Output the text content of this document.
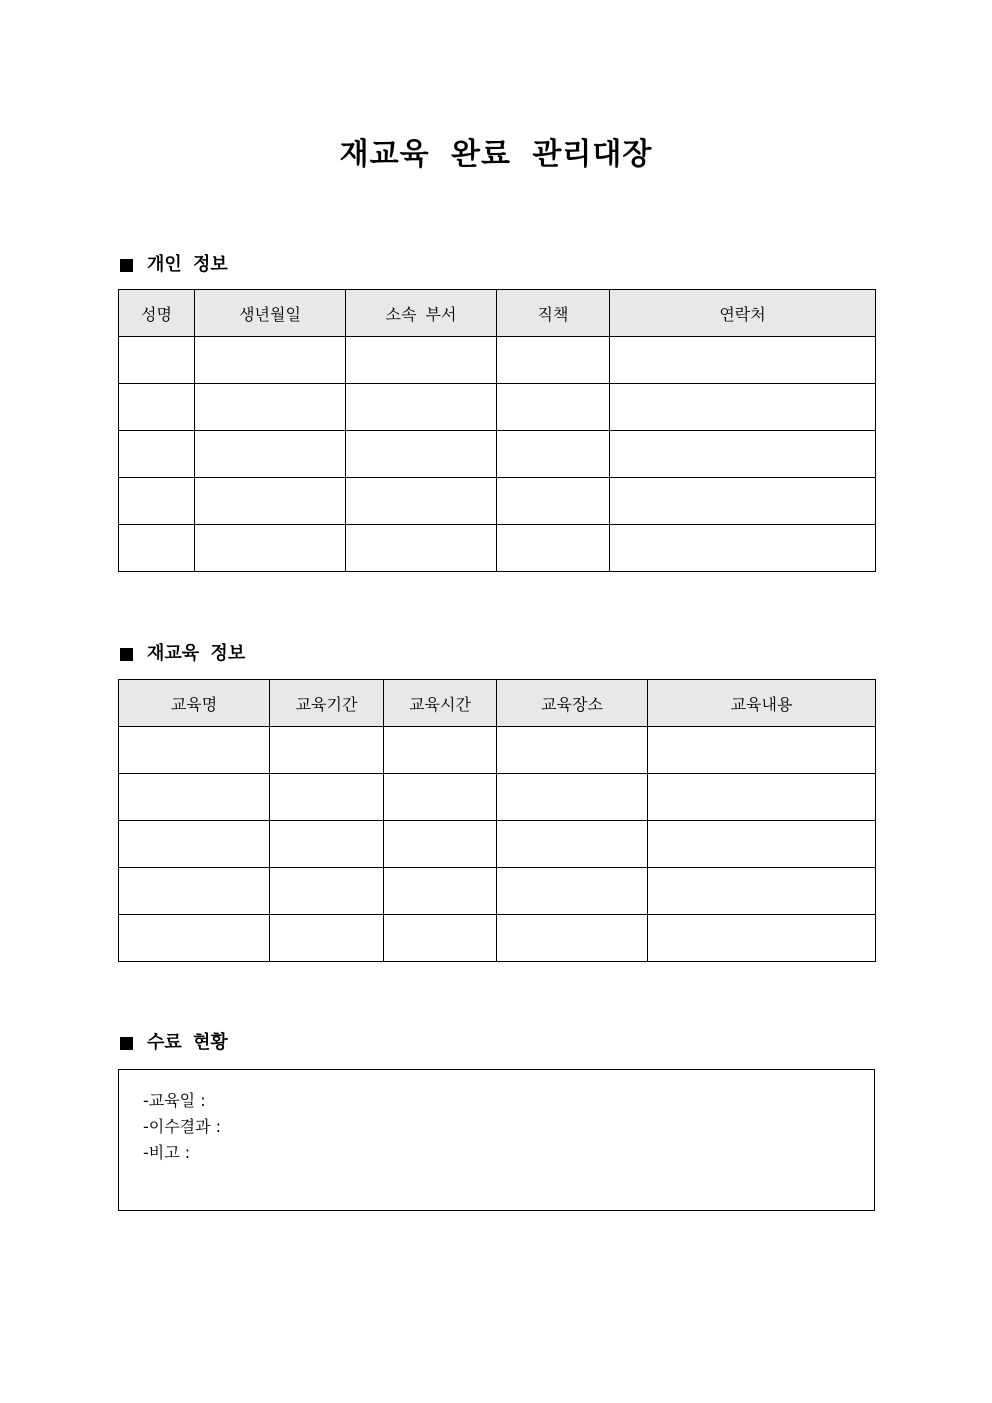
재교육 완료 관리대장
개인 정보
성명	생년월일	소속 부서	직책	연락처

재교육 정보
교육명	교육기간	교육시간	교육장소	교육내용

수료 현황
-교육일 :
-이수결과 :
-비고 :
